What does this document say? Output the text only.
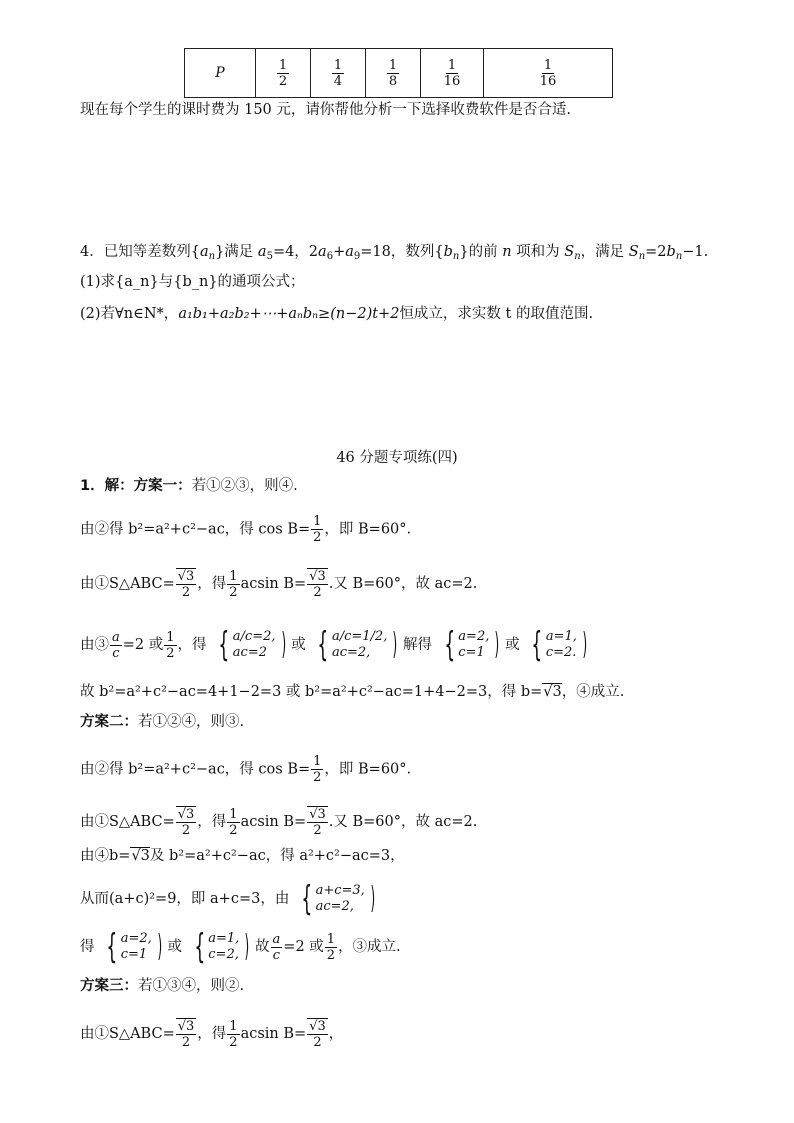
P	$\frac{1}{2}$	$\frac{1}{4}$	$\frac{1}{8}$	$\frac{1}{16}$	$\frac{1}{16}$
现在每个学生的课时费为 150 元，请你帮他分析一下选择收费软件是否合适.
4．已知等差数列$\{a_n\}$满足 $a_5=4$，$2a_6+a_9=18$，数列$\{b_n\}$的前 n 项和为 $S_n$，满足 $S_n=2b_n-1$.
(1)求{a_n}与{b_n}的通项公式；
(2)若∀n∈N*，a₁b₁+a₂b₂+⋯+aₙbₙ≥(n−2)t+2恒成立，求实数 t 的取值范围.
46 分题专项练(四)
1．解：方案一：若①②③，则④.
由②得 b²=a²+c²−ac，得 $\cos B= \frac{1}{2}$ ，即 B=60°.
由①S△ABC= $\frac{√3}{2}$ ，得 $\frac{1}{2}$ acsin $B= \frac{√3}{2}$ .又 B=60°，故 ac=2.
由③ $\frac{a}{c} =2$ 或 $\frac{1}{2}$ ，得 { a/c=2,
ac=2 ) 或 { a/c=1/2,
ac=2, ) 解得 { a=2,
c=1 ) 或 { a=1,
c=2. )
故 b²=a²+c²−ac=4+1−2=3 或 b²=a²+c²−ac=1+4−2=3，得 b=√3，④成立.
方案二：若①②④，则③.
由②得 b²=a²+c²−ac，得 $\cos B= \frac{1}{2}$ ，即 B=60°.
由①S△ABC= $\frac{√3}{2}$ ，得 $\frac{1}{2}$ acsin $B= \frac{√3}{2}$ .又 B=60°，故 ac=2.
由④b=√3及 b²=a²+c²−ac，得 a²+c²−ac=3，
从而(a+c)²=9，即 a+c=3，由 { a+c=3,
ac=2, )
得 { a=2,
c=1 ) 或 { a=1,
c=2, ) 故 $\frac{a}{c} =2$ 或 $\frac{1}{2}$ ，③成立.
方案三：若①③④，则②.
由①S△ABC= $\frac{√3}{2}$ ，得 $\frac{1}{2}$ acsin $B= \frac{√3}{2}$ ，
